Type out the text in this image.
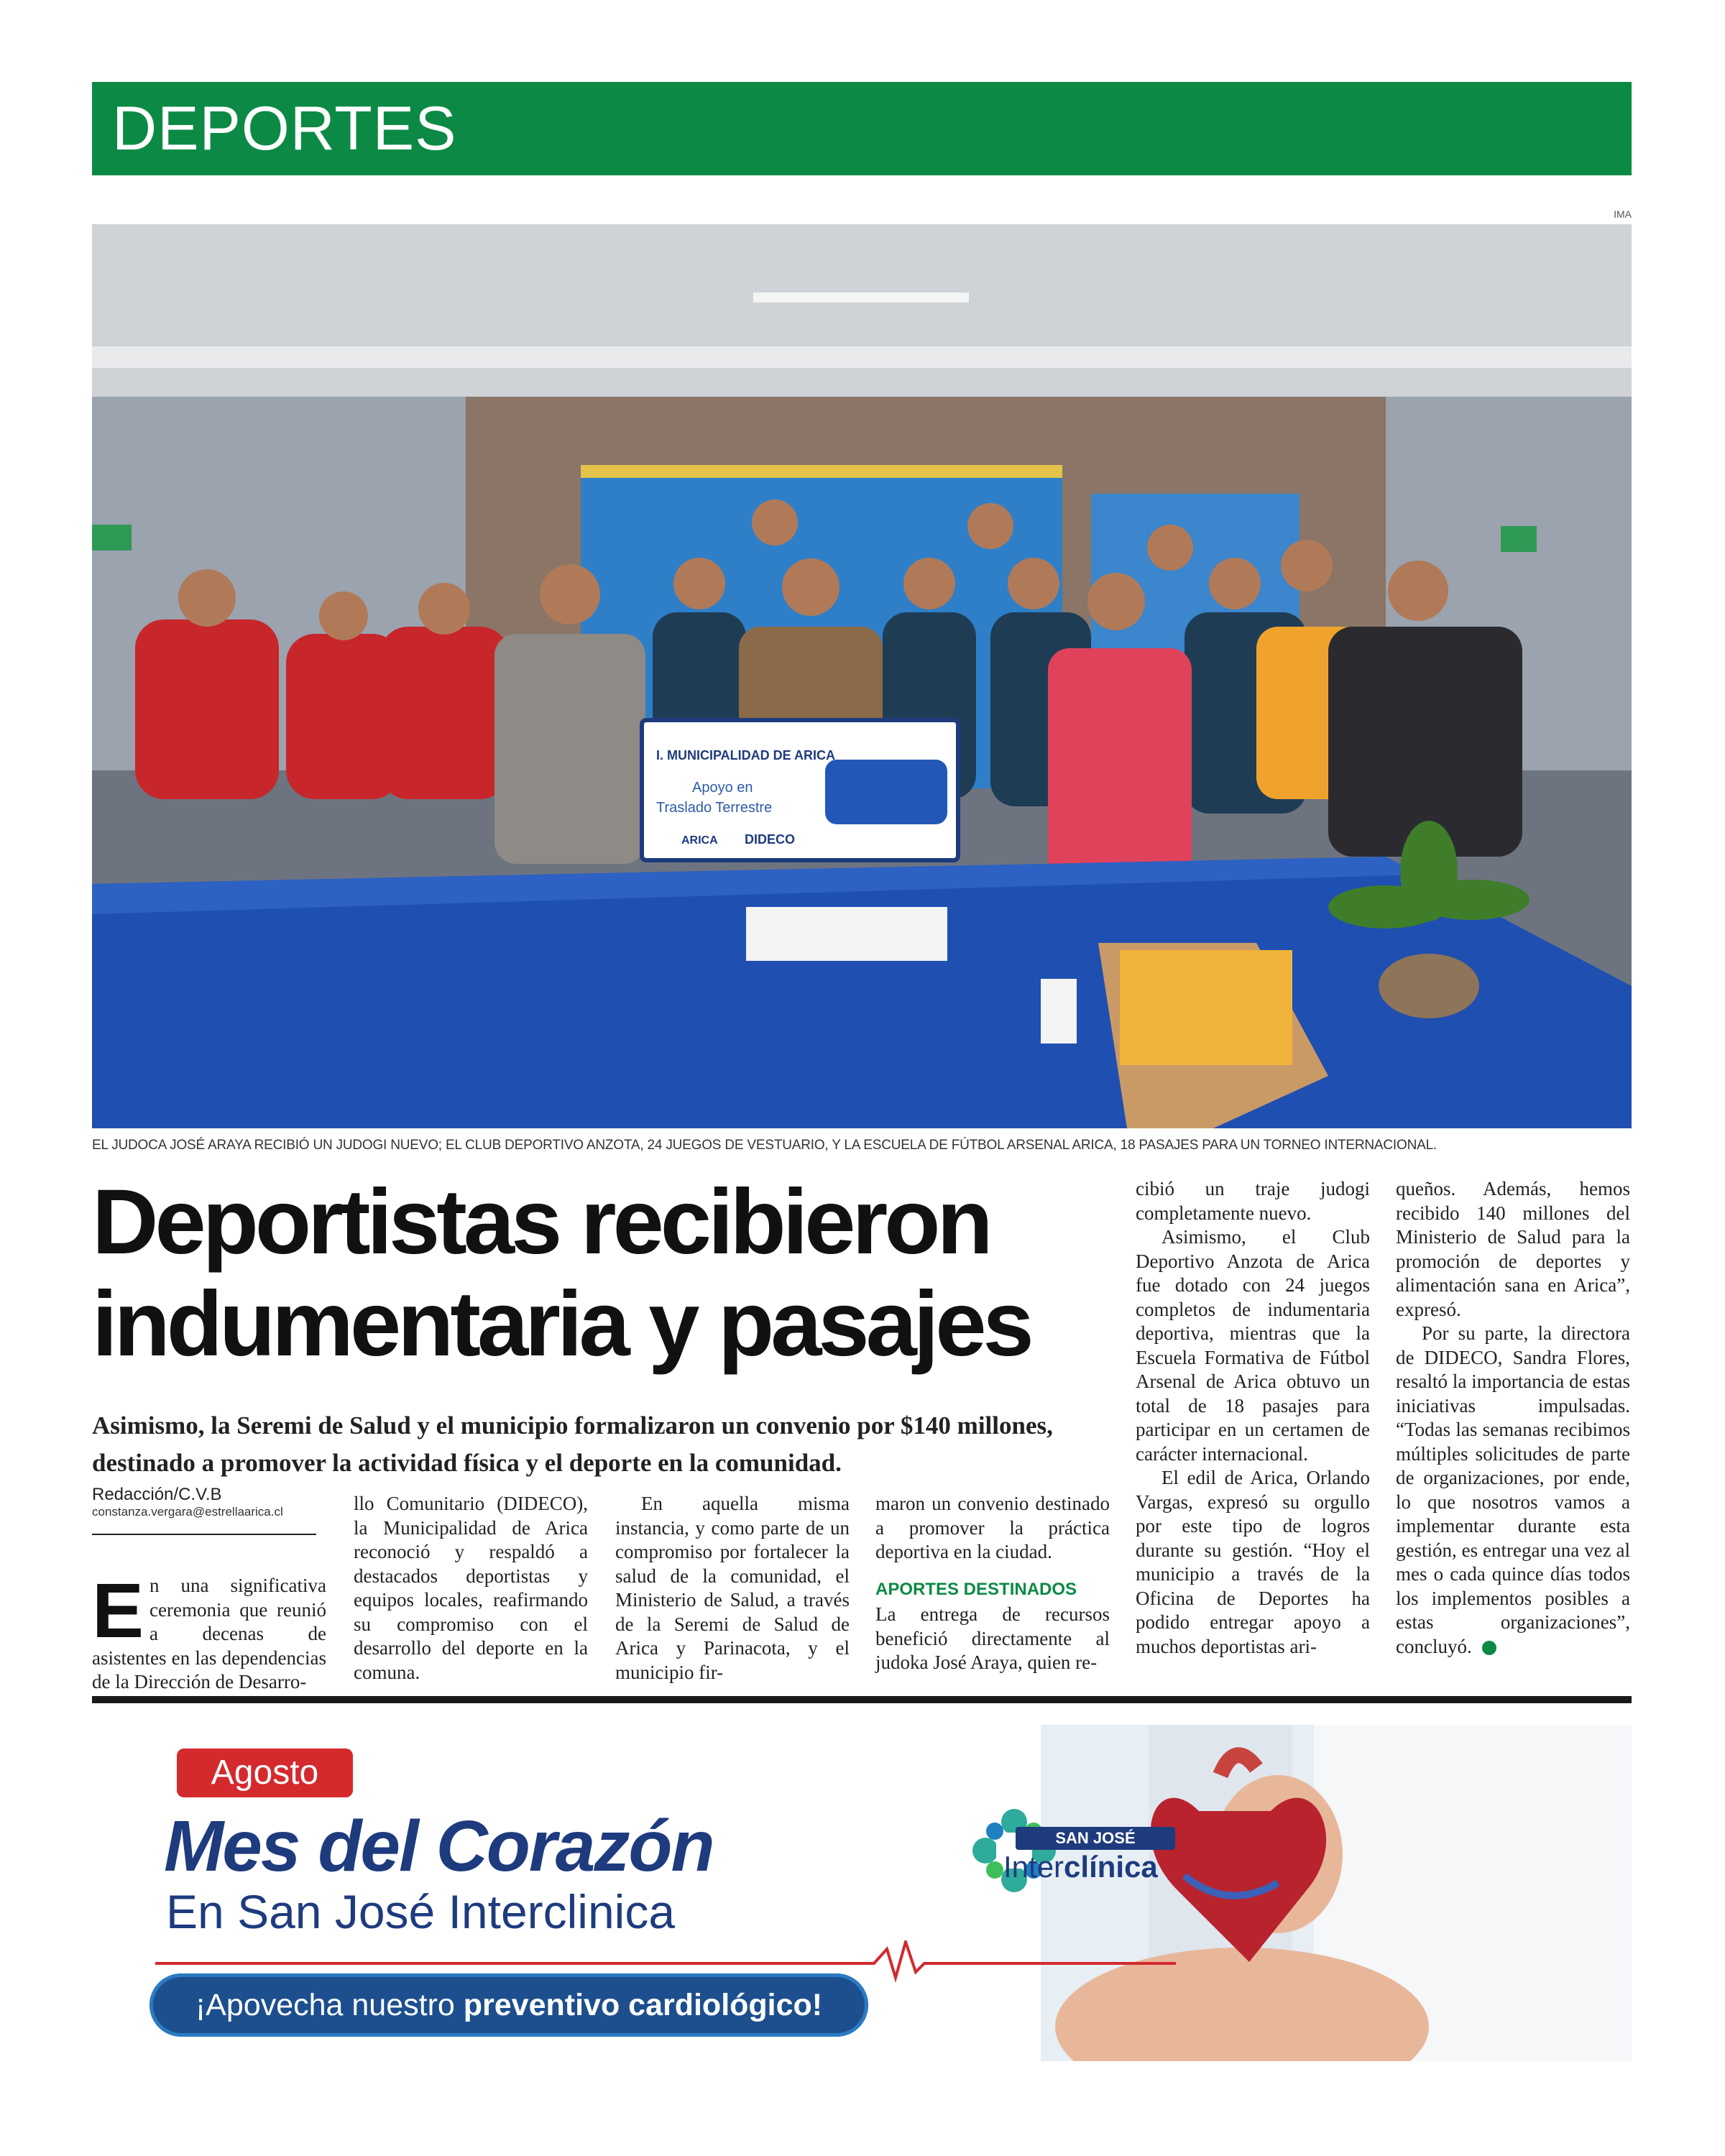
DEPORTES
IMA
I. MUNICIPALIDAD DE ARICA
Apoyo en
Traslado Terrestre
ARICA DIDECO
EL JUDOCA JOSÉ ARAYA RECIBIÓ UN JUDOGI NUEVO; EL CLUB DEPORTIVO ANZOTA, 24 JUEGOS DE VESTUARIO, Y LA ESCUELA DE FÚTBOL ARSENAL ARICA, 18 PASAJES PARA UN TORNEO INTERNACIONAL.
Deportistas recibieron
indumentaria y pasajes
Asimismo, la Seremi de Salud y el municipio formalizaron un convenio por $140 millones, destinado a promover la actividad física y el deporte en la comunidad.
Redacción/C.V.B
constanza.vergara@estrellaarica.cl
En una significativa ceremonia que reunió a decenas de asistentes en las dependencias de la Dirección de Desarro-

llo Comunitario (DIDECO), la Municipalidad de Arica reconoció y respaldó a destacados deportistas y equipos locales, reafirmando su compromiso con el desarrollo del deporte en la comuna.

En aquella misma instancia, y como parte de un compromiso por fortalecer la salud de la comunidad, el Ministerio de Salud, a través de la Seremi de Salud de Arica y Parinacota, y el municipio fir-

maron un convenio destinado a promover la práctica deportiva en la ciudad.

APORTES DESTINADOS

La entrega de recursos benefició directamente al judoka José Araya, quien re-

cibió un traje judogi completamente nuevo.

Asimismo, el Club Deportivo Anzota de Arica fue dotado con 24 juegos completos de indumentaria deportiva, mientras que la Escuela Formativa de Fútbol Arsenal de Arica obtuvo un total de 18 pasajes para participar en un certamen de carácter internacional.

El edil de Arica, Orlando Vargas, expresó su orgullo por este tipo de logros durante su gestión. “Hoy el municipio a través de la Oficina de Deportes ha podido entregar apoyo a muchos deportistas ari-

queños. Además, hemos recibido 140 millones del Ministerio de Salud para la promoción de deportes y alimentación sana en Arica”, expresó.

Por su parte, la directora de DIDECO, Sandra Flores, resaltó la importancia de estas iniciativas impulsadas. “Todas las semanas recibimos múltiples solicitudes de parte de organizaciones, por ende, lo que nosotros vamos a implementar durante esta gestión, es entregar una vez al mes o cada quince días todos los implementos posibles a estas organizaciones”, concluyó.	+

Agosto
Mes del Corazón
En San José Interclinica
¡Apovecha nuestro preventivo cardiológico!
SAN JOSÉ
Interclínica
